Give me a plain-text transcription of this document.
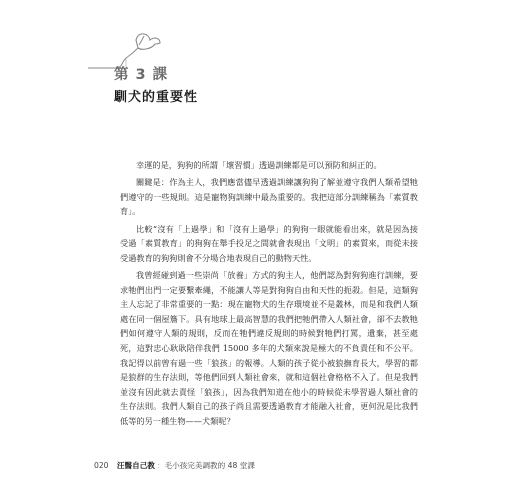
第 3 課
馴犬的重要性

幸運的是，狗狗的所謂「壞習慣」透過訓練都是可以預防和糾正的。

關鍵是：作為主人，我們應當儘早透過訓練讓狗狗了解並遵守我們人類希望牠們遵守的一些規則。這是寵物狗訓練中最為重要的。我把這部分訓練稱為「素質教育」。

比較“沒有「上過學」和「沒有上過學」的狗狗一眼就能看出來，就是因為接受過「素質教育」的狗狗在舉手投足之間就會表現出「文明」的素質來，而從未接受過教育的狗狗則會不分場合地表現自己的動物天性。

我曾經碰到過一些崇尚「放養」方式的狗主人，他們認為對狗狗進行訓練，要求牠們出門一定要繫牽繩，不能讓人等是對狗狗自由和天性的扼殺。但是，這類狗主人忘記了非常重要的一點：現在寵物犬的生存環境並不是叢林，而是和我們人類處在同一個屋簷下。具有地球上最高智慧的我們把牠們帶入人類社會，卻不去教牠們如何遵守人類的規則，反而在牠們違反規則的時候對牠們打罵，遺棄，甚至處死，這對忠心耿耿陪伴我們 15000 多年的犬類來說是極大的不負責任和不公平。我記得以前曾有過一些「狼孩」的報導。人類的孩子從小被狼撫育長大，學習的都是狼群的生存法則，等他們回到人類社會來，就和這個社會格格不入了。但是我們並沒有因此就去責怪「狼孩」，因為我們知道在他小的時候從未學習過人類社會的生存法則。我們人類自己的孩子尚且需要透過教育才能融入社會，更何況是比我們低等的另一種生物——犬類呢？

020 汪醫自己教 ：毛小孩完美調教的 48 堂課
